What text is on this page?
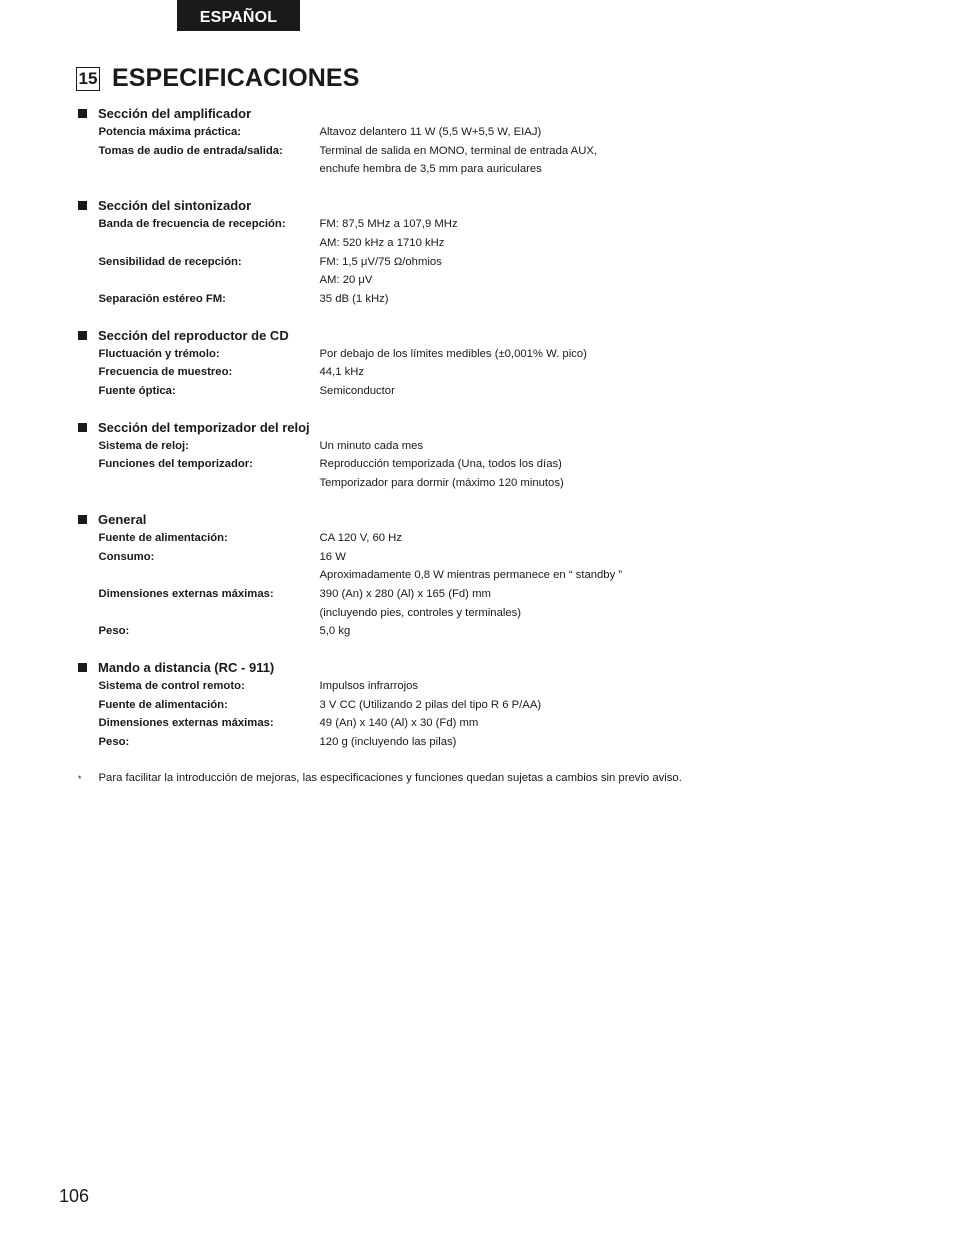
ESPAÑOL
15 ESPECIFICACIONES
Sección del amplificador
Potencia máxima práctica:	Altavoz delantero 11 W (5,5 W+5,5 W, EIAJ)
Tomas de audio de entrada/salida:	Terminal de salida en MONO, terminal de entrada AUX,
enchufe hembra de 3,5 mm para auriculares
Sección del sintonizador
Banda de frecuencia de recepción:	FM: 87,5 MHz a 107,9 MHz
AM: 520 kHz a 1710 kHz
Sensibilidad de recepción:	FM: 1,5 μV/75 Ω/ohmios
AM: 20 μV
Separación estéreo FM:	35 dB (1 kHz)
Sección del reproductor de CD
Fluctuación y trémolo:	Por debajo de los límites medibles (±0,001% W. pico)
Frecuencia de muestreo:	44,1 kHz
Fuente óptica:	Semiconductor
Sección del temporizador del reloj
Sistema de reloj:	Un minuto cada mes
Funciones del temporizador:	Reproducción temporizada (Una, todos los días)
Temporizador para dormir (máximo 120 minutos)
General
Fuente de alimentación:	CA 120 V, 60 Hz
Consumo:	16 W
Aproximadamente 0,8 W mientras permanece en “ standby ”
Dimensiones externas máximas:	390 (An) x 280 (Al) x 165 (Fd) mm
(incluyendo pies, controles y terminales)
Peso:	5,0 kg
Mando a distancia (RC - 911)
Sistema de control remoto:	Impulsos infrarrojos
Fuente de alimentación:	3 V CC (Utilizando 2 pilas del tipo R 6 P/AA)
Dimensiones externas máximas:	49 (An) x 140 (Al) x 30 (Fd) mm
Peso:	120 g (incluyendo las pilas)
*	Para facilitar la introducción de mejoras, las especificaciones y funciones quedan sujetas a cambios sin previo aviso.
106
